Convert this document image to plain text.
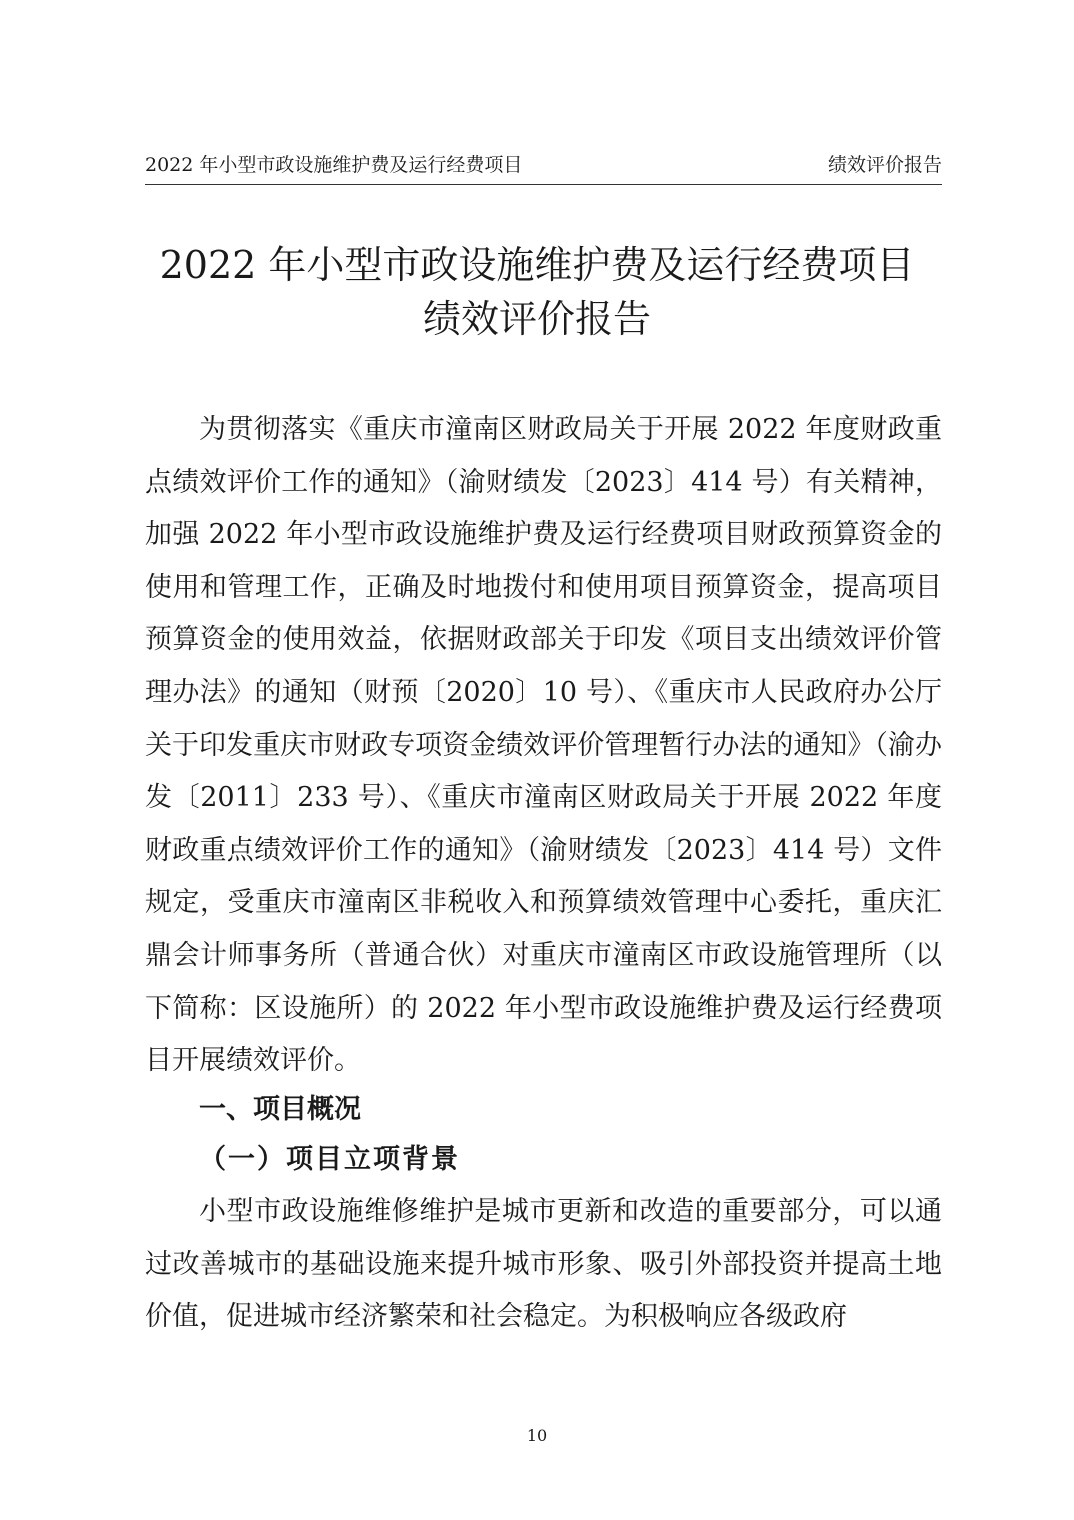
2022 年小型市政设施维护费及运行经费项目	绩效评价报告
2022 年小型市政设施维护费及运行经费项目
绩效评价报告

为贯彻落实《重庆市潼南区财政局关于开展 2022 年度财政重点绩效评价工作的通知》（渝财绩发〔2023〕414 号）有关精神，加强 2022 年小型市政设施维护费及运行经费项目财政预算资金的使用和管理工作，正确及时地拨付和使用项目预算资金，提高项目预算资金的使用效益，依据财政部关于印发《项目支出绩效评价管理办法》的通知（财预〔2020〕10 号）、《重庆市人民政府办公厅关于印发重庆市财政专项资金绩效评价管理暂行办法的通知》（渝办发〔2011〕233 号）、《重庆市潼南区财政局关于开展 2022 年度财政重点绩效评价工作的通知》（渝财绩发〔2023〕414 号）文件规定，受重庆市潼南区非税收入和预算绩效管理中心委托，重庆汇鼎会计师事务所（普通合伙）对重庆市潼南区市政设施管理所（以下简称：区设施所）的 2022 年小型市政设施维护费及运行经费项目开展绩效评价。

一、项目概况
（一）项目立项背景

小型市政设施维修维护是城市更新和改造的重要部分，可以通过改善城市的基础设施来提升城市形象、吸引外部投资并提高土地价值，促进城市经济繁荣和社会稳定。为积极响应各级政府

10
